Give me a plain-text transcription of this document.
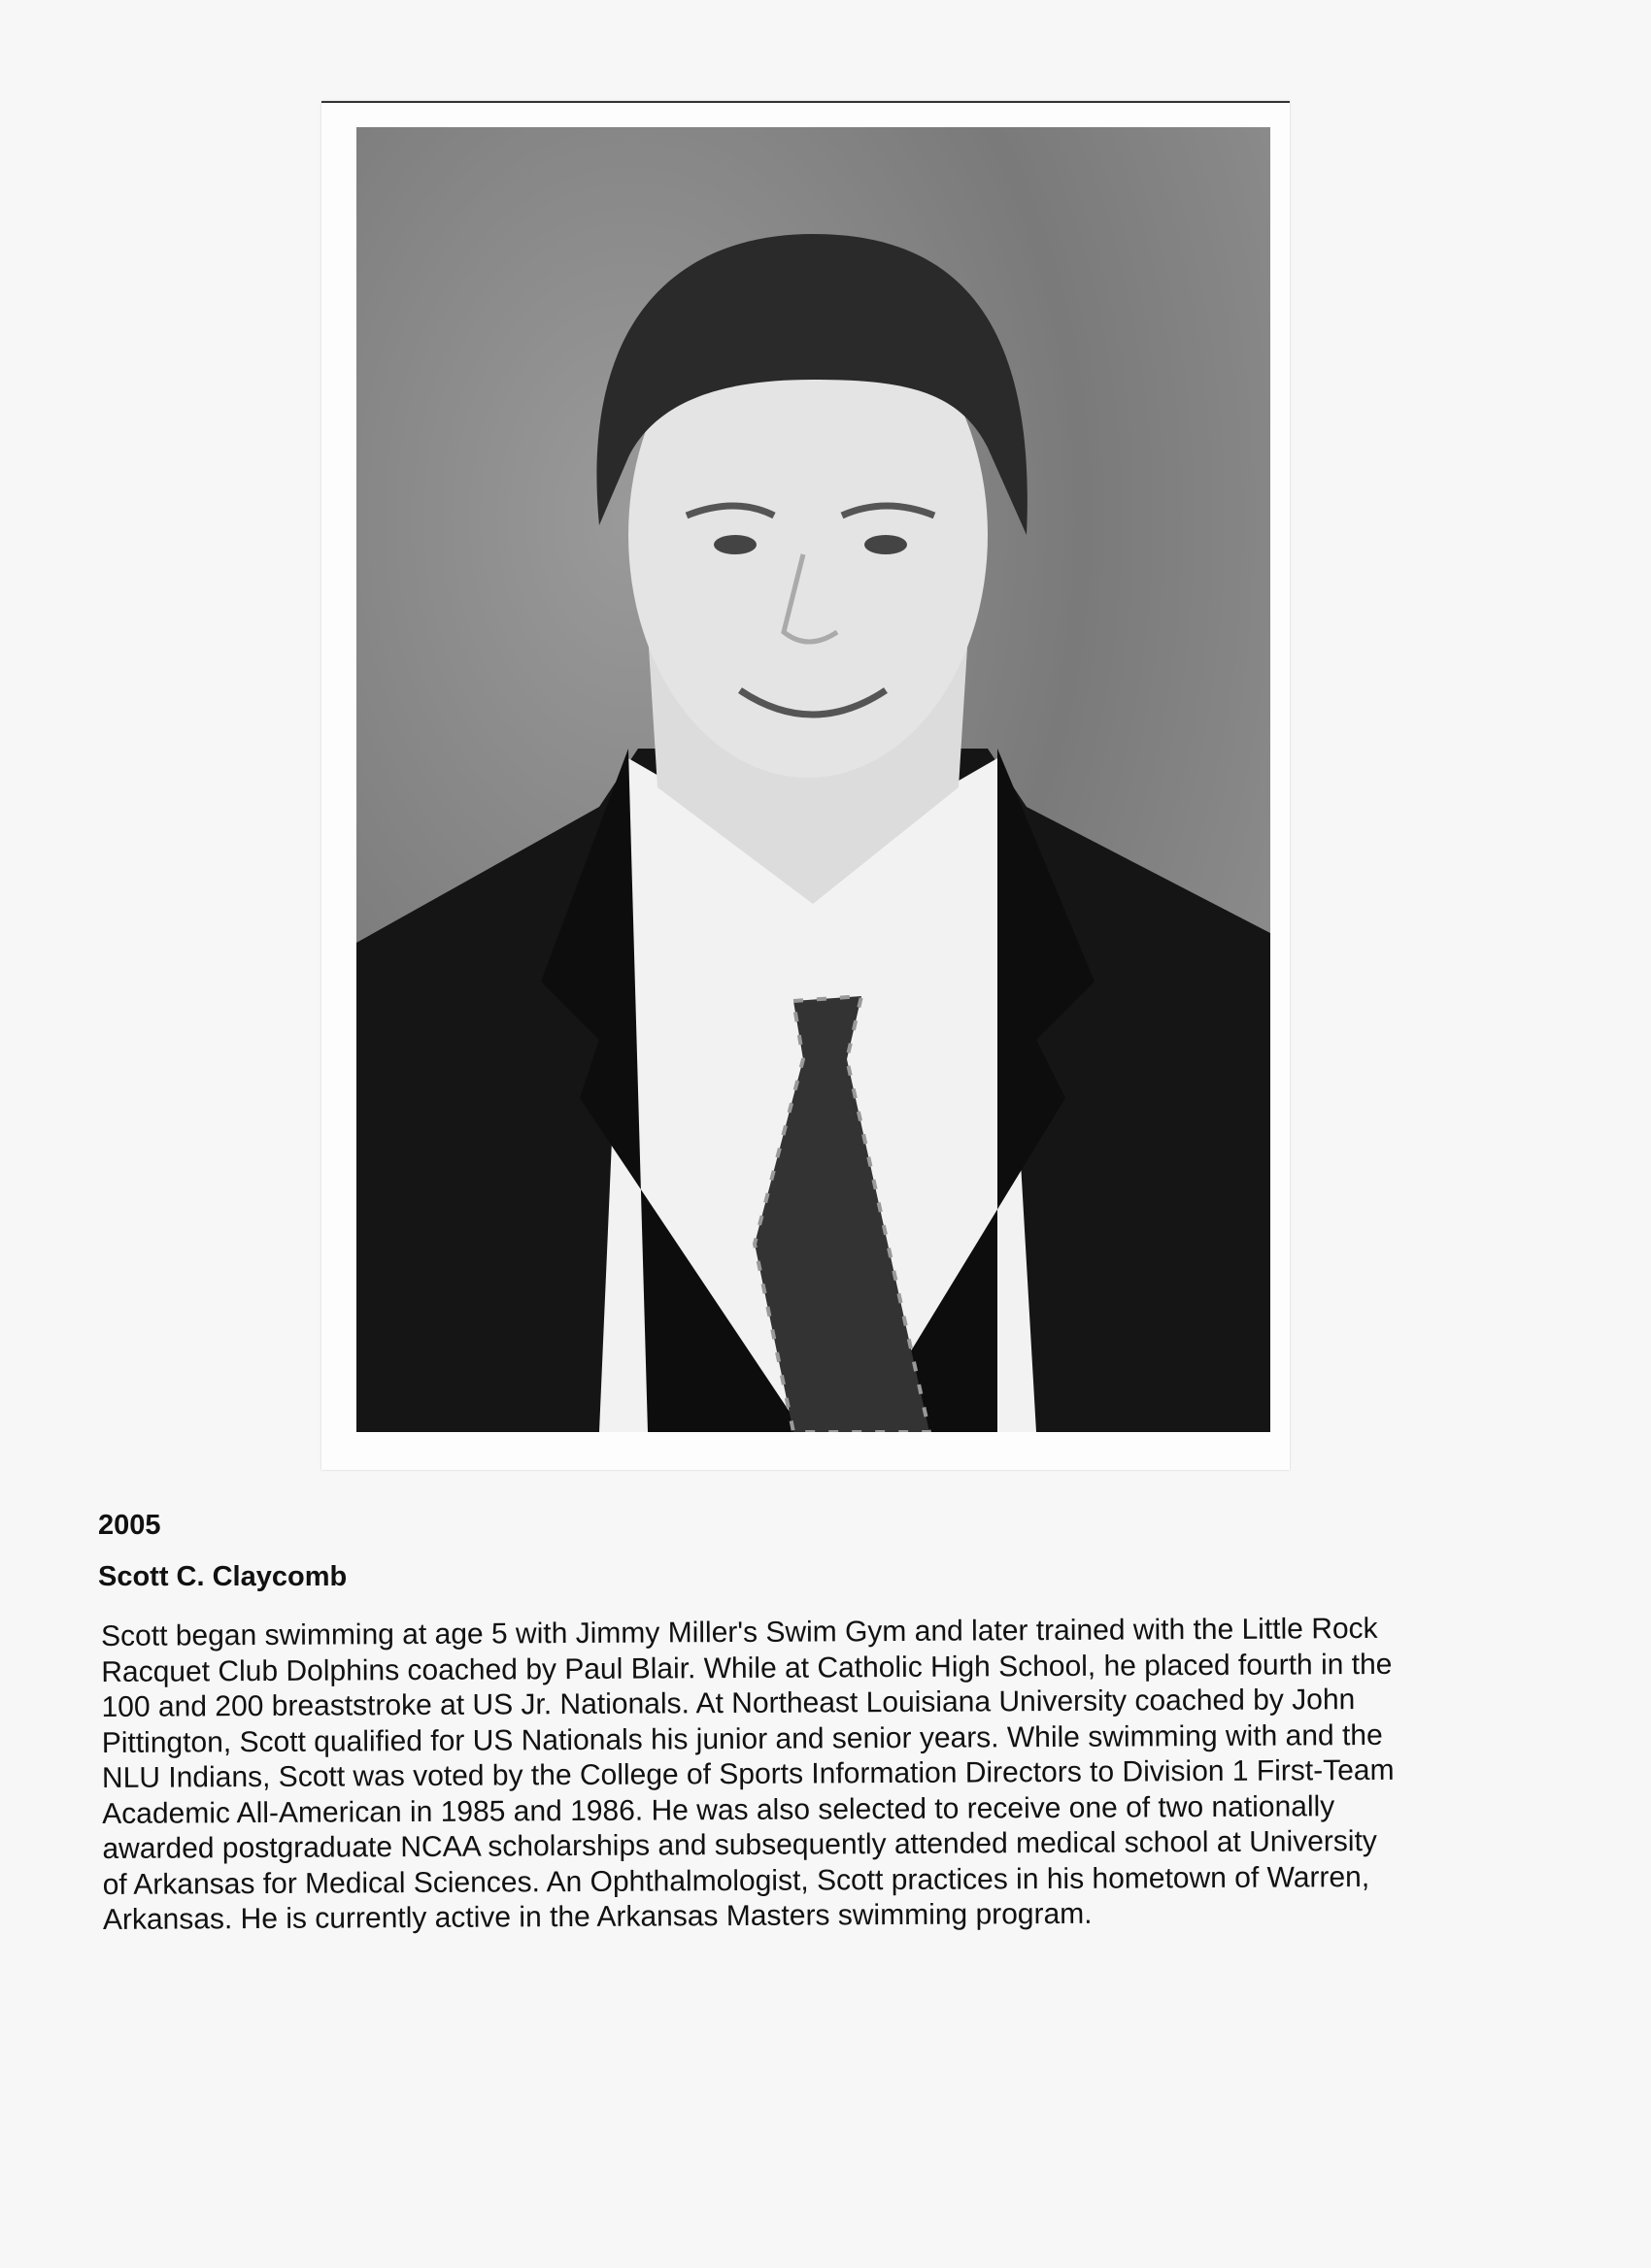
2005
Scott C. Claycomb
Scott began swimming at age 5 with Jimmy Miller's Swim Gym and later trained with the Little Rock
Racquet Club Dolphins coached by Paul Blair. While at Catholic High School, he placed fourth in the
100 and 200 breaststroke at US Jr. Nationals. At Northeast Louisiana University coached by John
Pittington, Scott qualified for US Nationals his junior and senior years. While swimming with and the
NLU Indians, Scott was voted by the College of Sports Information Directors to Division 1 First-Team
Academic All-American in 1985 and 1986. He was also selected to receive one of two nationally
awarded postgraduate NCAA scholarships and subsequently attended medical school at University
of Arkansas for Medical Sciences. An Ophthalmologist, Scott practices in his hometown of Warren,
Arkansas. He is currently active in the Arkansas Masters swimming program.
